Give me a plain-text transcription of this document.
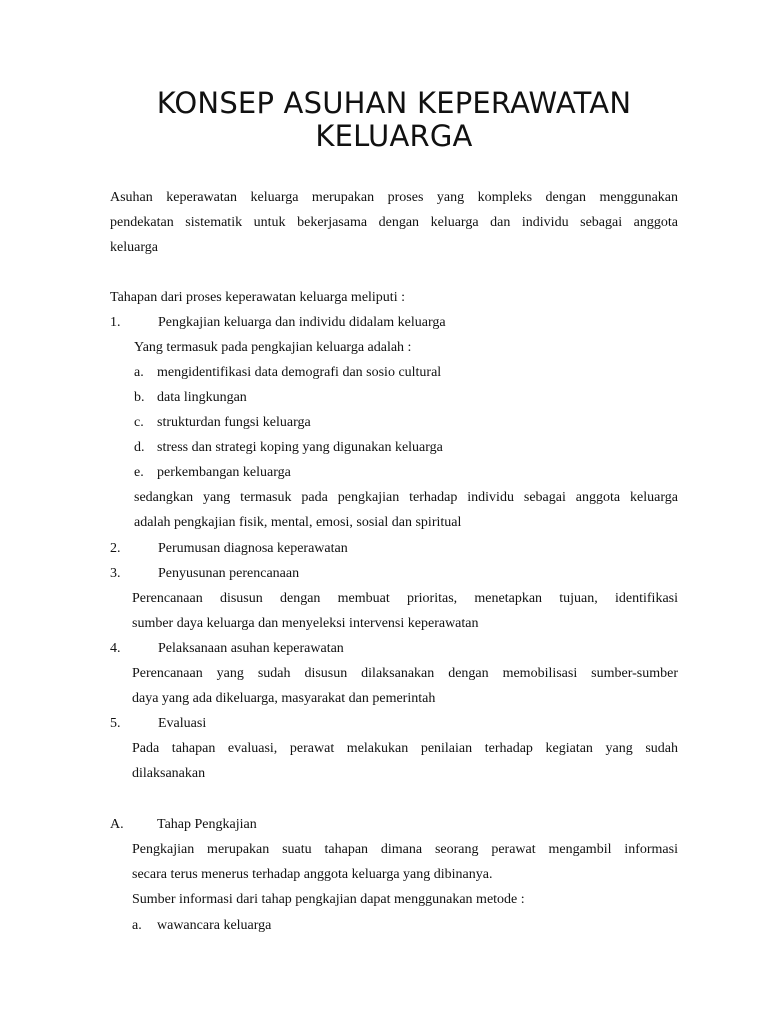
KONSEP ASUHAN KEPERAWATAN
KELUARGA
Asuhan keperawatan keluarga merupakan proses yang kompleks dengan menggunakan
pendekatan sistematik untuk bekerjasama dengan keluarga dan individu sebagai anggota
keluarga
Tahapan dari proses keperawatan keluarga meliputi :
1.	Pengkajian keluarga dan individu didalam keluarga
Yang termasuk pada pengkajian keluarga adalah :
a. mengidentifikasi data demografi dan sosio cultural
b. data lingkungan
c. strukturdan fungsi keluarga
d. stress dan strategi koping yang digunakan keluarga
e. perkembangan keluarga
sedangkan yang termasuk pada pengkajian terhadap individu sebagai anggota keluarga
adalah pengkajian fisik, mental, emosi, sosial dan spiritual
2.	Perumusan diagnosa keperawatan
3.	Penyusunan perencanaan
Perencanaan disusun dengan membuat prioritas, menetapkan tujuan, identifikasi
sumber daya keluarga dan menyeleksi intervensi keperawatan
4.	Pelaksanaan asuhan keperawatan
Perencanaan yang sudah disusun dilaksanakan dengan memobilisasi sumber-sumber
daya yang ada dikeluarga, masyarakat dan pemerintah
5.	Evaluasi
Pada tahapan evaluasi, perawat melakukan penilaian terhadap kegiatan yang sudah
dilaksanakan
A. Tahap Pengkajian
Pengkajian merupakan suatu tahapan dimana seorang perawat mengambil informasi
secara terus menerus terhadap anggota keluarga yang dibinanya.
Sumber informasi dari tahap pengkajian dapat menggunakan metode :
a. wawancara keluarga
